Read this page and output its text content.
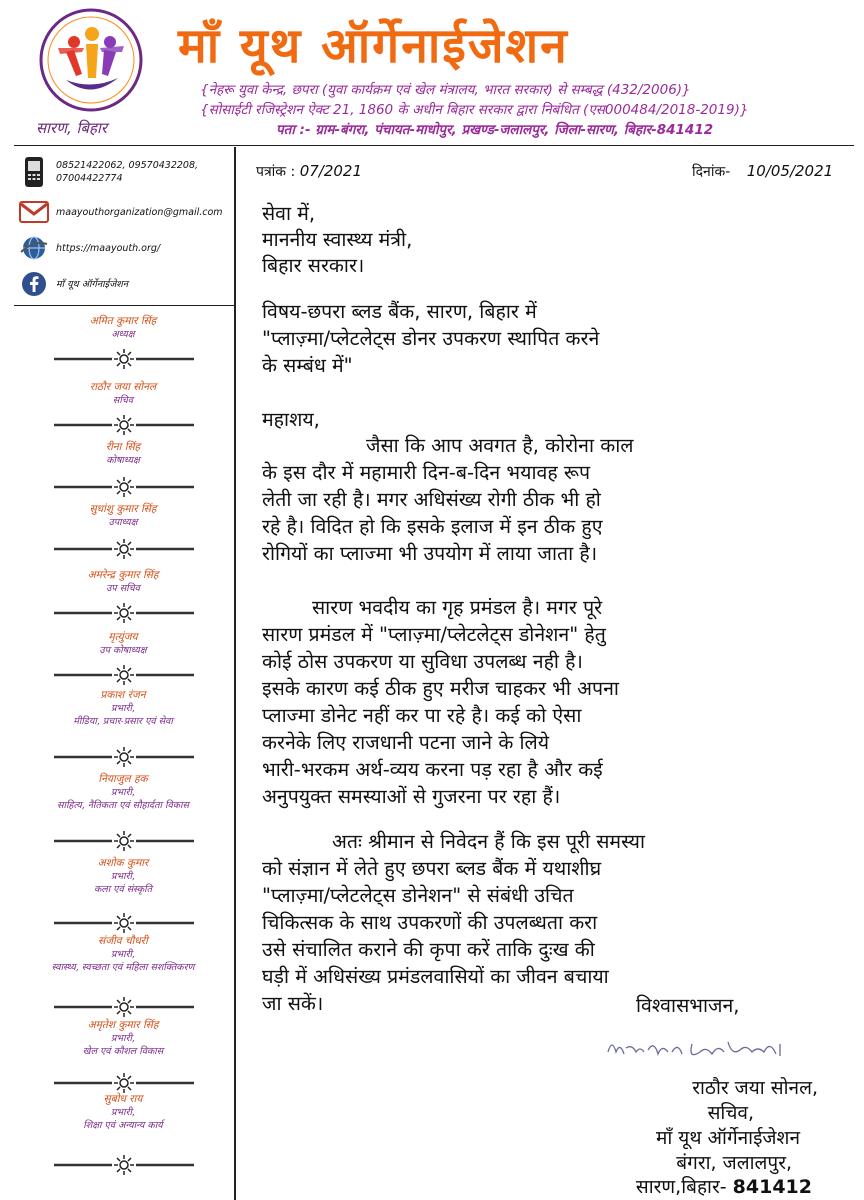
सारण, बिहार
माँ यूथ ऑर्गेनाईजेशन
{नेहरू युवा केन्द्र, छपरा (युवा कार्यक्रम एवं खेल मंत्रालय, भारत सरकार) से सम्बद्ध (432/2006)}
{सोसाईटी रजिस्ट्रेशन ऐक्ट 21, 1860 के अधीन बिहार सरकार द्वारा निबंधित (एस000484/2018-2019)}
पता :- ग्राम-बंगरा, पंचायत-माधोपुर, प्रखण्ड-जलालपुर, जिला-सारण, बिहार-841412
08521422062, 09570432208, 07004422774
maayouthorganization@gmail.com
https://maayouth.org/
माँ यूथ ऑर्गेनाईजेशन
अमित कुमार सिंह
अध्यक्ष
राठौर जया सोनल
सचिव
रीना सिंह
कोषाध्यक्ष
सुधांशु कुमार सिंह
उपाध्यक्ष
अमरेन्द्र कुमार सिंह
उप सचिव
मृत्युंजय
उप कोषाध्यक्ष
प्रकाश रंजन
प्रभारी,
मीडिया, प्रचार-प्रसार एवं सेवा
नियाजुल हक
प्रभारी,
साहित्य, नैतिकता एवं सौहार्दता विकास
अशोक कुमार
प्रभारी,
कला एवं संस्कृति
संजीव चौधरी
प्रभारी,
स्वास्थ्य, स्वच्छता एवं महिला सशक्तिकरण
अमृतेश कुमार सिंह
प्रभारी,
खेल एवं कौशल विकास
सुबोध राय
प्रभारी,
शिक्षा एवं अन्यान्य कार्य
पत्रांक : 07/2021	दिनांक- 10/05/2021
सेवा में,
माननीय स्वास्थ्य मंत्री,
बिहार सरकार।
विषय-छपरा ब्लड बैंक, सारण, बिहार में
"प्लाज़्मा/प्लेटलेट्स डोनर उपकरण स्थापित करने
के सम्बंध में"
महाशय,
जैसा कि आप अवगत है, कोरोना काल
के इस दौर में महामारी दिन-ब-दिन भयावह रूप
लेती जा रही है। मगर अधिसंख्य रोगी ठीक भी हो
रहे है। विदित हो कि इसके इलाज में इन ठीक हुए
रोगियों का प्लाज्मा भी उपयोग में लाया जाता है।
सारण भवदीय का गृह प्रमंडल है। मगर पूरे
सारण प्रमंडल में "प्लाज़्मा/प्लेटलेट्स डोनेशन" हेतु
कोई ठोस उपकरण या सुविधा उपलब्ध नही है।
इसके कारण कई ठीक हुए मरीज चाहकर भी अपना
प्लाज्मा डोनेट नहीं कर पा रहे है। कई को ऐसा
करनेके लिए राजधानी पटना जाने के लिये
भारी-भरकम अर्थ-व्यय करना पड़ रहा है और कई
अनुपयुक्त समस्याओं से गुजरना पर रहा हैं।
अतः श्रीमान से निवेदन हैं कि इस पूरी समस्या
को संज्ञान में लेते हुए छपरा ब्लड बैंक में यथाशीघ्र
"प्लाज़्मा/प्लेटलेट्स डोनेशन" से संबंधी उचित
चिकित्सक के साथ उपकरणों की उपलब्धता करा
उसे संचालित कराने की कृपा करें ताकि दुःख की
घड़ी में अधिसंख्य प्रमंडलवासियों का जीवन बचाया
जा सकें।	विश्वासभाजन,
राठौर जया सोनल,
सचिव,
माँ यूथ ऑर्गेनाईजेशन
बंगरा, जलालपुर,
सारण,बिहार- 841412
